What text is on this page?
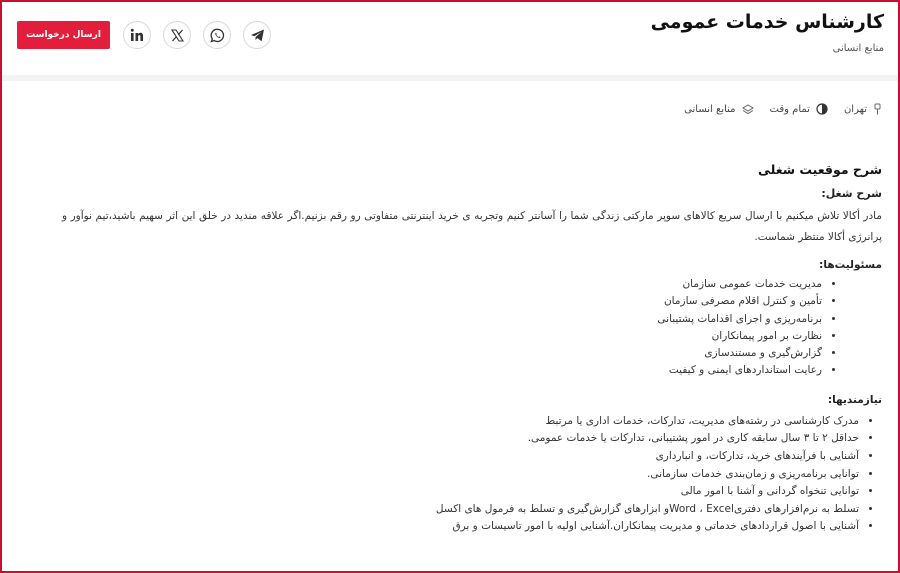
کارشناس خدمات عمومی
منابع انسانی
ارسال درخواست
تهران
تمام وقت
منابع انسانی
شرح موقعیت شغلی
شرح شغل:

مادر أکالا تلاش میکنیم با ارسال سریع کالاهای سوپر مارکتی زندگی شما را آسانتر کنیم وتجربه ی خرید اینترنتی متفاوتی رو رقم بزنیم.اگر علاقه مندید در خلق این اثر سهیم باشید،تیم نوآور و پرانرژی أکالا منتظر شماست.

مسئولیت‌ها:
• مدیریت خدمات عمومی سازمان
• تأمین و کنترل اقلام مصرفی سازمان
• برنامه‌ریزی و اجرای اقدامات پشتیبانی
• نظارت بر امور پیمانکاران
• گزارش‌گیری و مستندسازی
• رعایت استانداردهای ایمنی و کیفیت
نیازمندیها:
• مدرک کارشناسی در رشته‌های مدیریت، تدارکات، خدمات اداری یا مرتبط
• حداقل ۲ تا ۳ سال سابقه کاری در امور پشتیبانی، تدارکات یا خدمات عمومی.
• آشنایی با فرآیندهای خرید، تدارکات، و انبارداری
• توانایی برنامه‌ریزی و زمان‌بندی خدمات سازمانی.
• توانایی تنخواه گردانی و آشنا با امور مالی
• تسلط به نرم‌افزارهای دفتری‌Word ، Excel‌و ابزارهای گزارش‌گیری و تسلط به فرمول های اکسل
• آشنایی با اصول قراردادهای خدماتی و مدیریت پیمانکاران.آشنایی اولیه با امور تاسیسات و برق
